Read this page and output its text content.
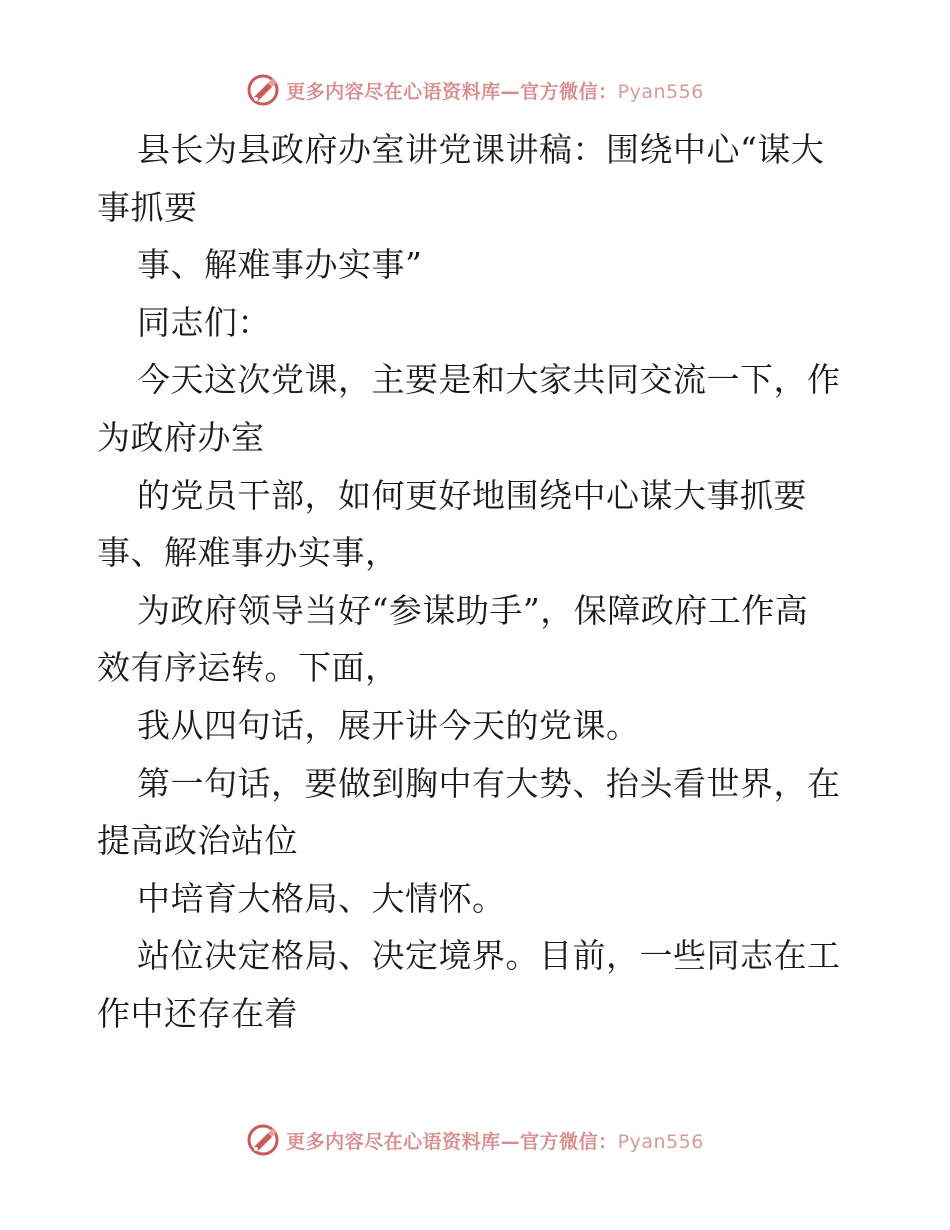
更多内容尽在心语资料库—官方微信：Pyan556
县长为县政府办室讲党课讲稿：围绕中心“谋大
事抓要
事、解难事办实事”
同志们：
今天这次党课，主要是和大家共同交流一下，作
为政府办室
的党员干部，如何更好地围绕中心谋大事抓要
事、解难事办实事，
为政府领导当好“参谋助手”，保障政府工作高
效有序运转。下面，
我从四句话，展开讲今天的党课。
第一句话，要做到胸中有大势、抬头看世界，在
提高政治站位
中培育大格局、大情怀。
站位决定格局、决定境界。目前，一些同志在工
作中还存在着
更多内容尽在心语资料库—官方微信：Pyan556
